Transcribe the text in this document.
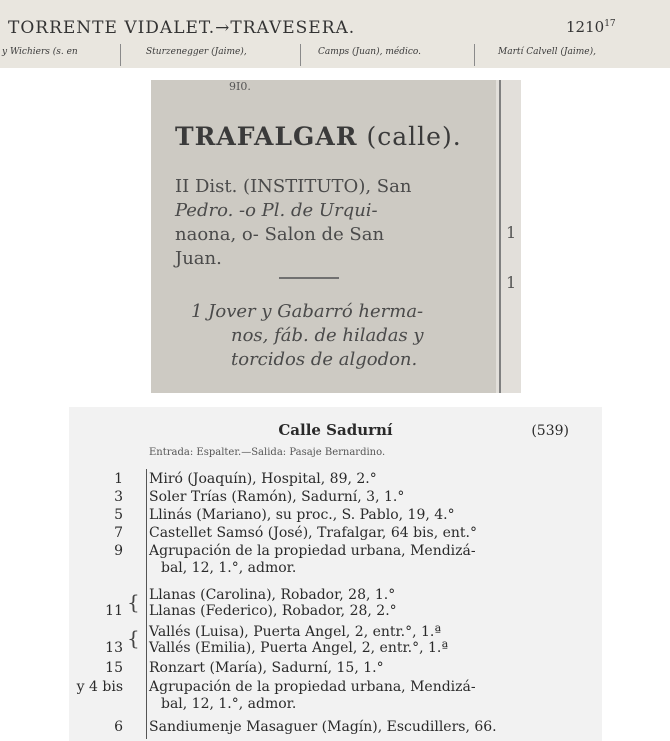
TORRENTE VIDALET.→TRAVESERA.	1210$^{17}$
y Wichiers (s. en	Sturzenegger (Jaime),	Camps (Juan), médico.	Martí Calvell (Jaime),
9I0.
TRAFALGAR (calle).
II Dist. (INSTITUTO), San
Pedro. -o Pl. de Urqui-
naona, o- Salon de San
Juan.
1 Jover y Gabarró herma-
nos, fáb. de hiladas y
torcidos de algodon.
1
1
Calle Sadurní	(539)
Entrada: Espalter.—Salida: Pasaje Bernardino.
{
{
1 Miró (Joaquín), Hospital, 89, 2.°
3 Soler Trías (Ramón), Sadurní, 3, 1.°
5 Llinás (Mariano), su proc., S. Pablo, 19, 4.°
7 Castellet Samsó (José), Trafalgar, 64 bis, ent.°
9 Agrupación de la propiedad urbana, Mendizá-
bal, 12, 1.°, admor.
Llanas (Carolina), Robador, 28, 1.°
11 Llanas (Federico), Robador, 28, 2.°
Vallés (Luisa), Puerta Angel, 2, entr.°, 1.ª
13 Vallés (Emilia), Puerta Angel, 2, entr.°, 1.ª
15 Ronzart (María), Sadurní, 15, 1.°
y 4 bis Agrupación de la propiedad urbana, Mendizá-
bal, 12, 1.°, admor.
6 Sandiumenje Masaguer (Magín), Escudillers, 66.
